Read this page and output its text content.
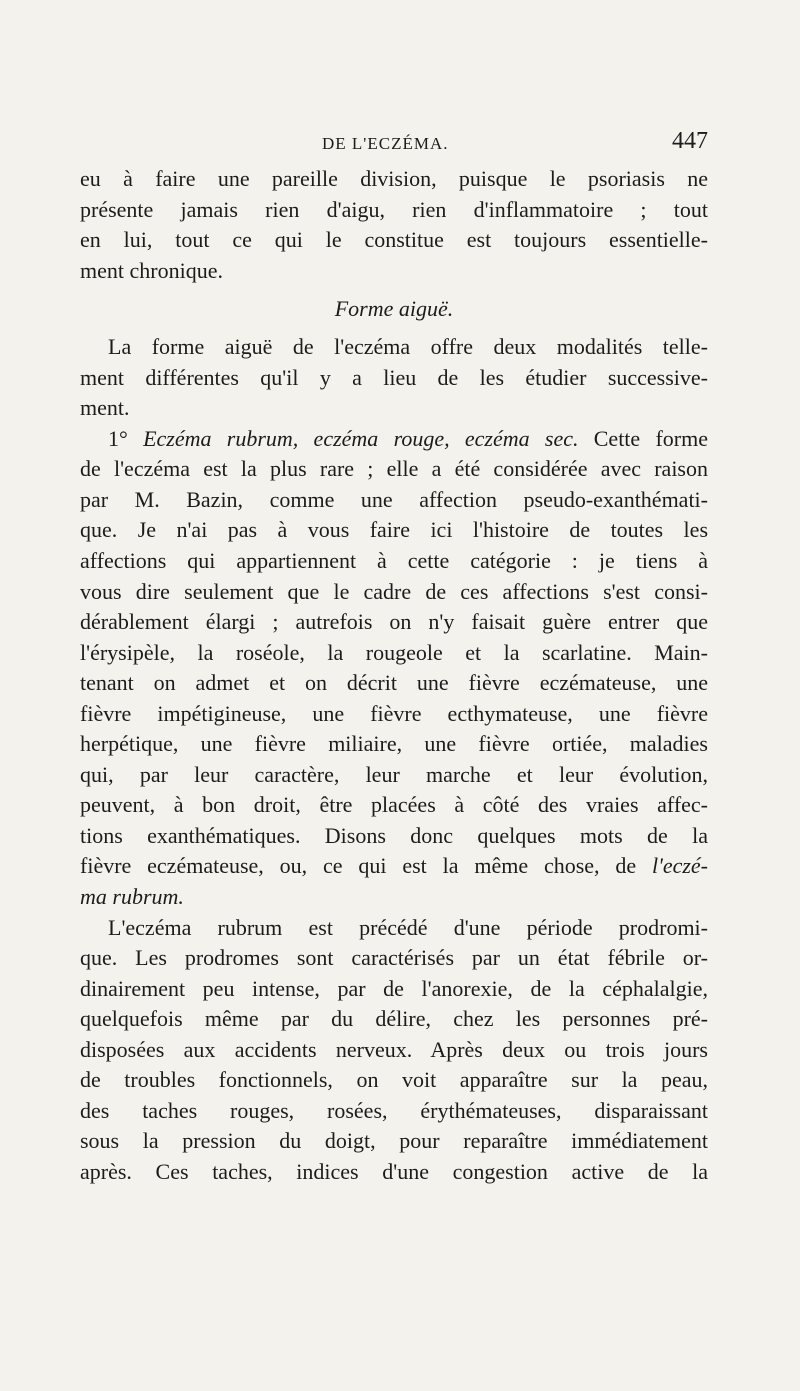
DE L'ECZÉMA.	447
eu à faire une pareille division, puisque le psoriasis ne
présente jamais rien d'aigu, rien d'inflammatoire ; tout
en lui, tout ce qui le constitue est toujours essentielle-
ment chronique.
Forme aiguë.
La forme aiguë de l'eczéma offre deux modalités telle-
ment différentes qu'il y a lieu de les étudier successive-
ment.
1° Eczéma rubrum, eczéma rouge, eczéma sec. Cette forme
de l'eczéma est la plus rare ; elle a été considérée avec raison
par M. Bazin, comme une affection pseudo-exanthémati-
que. Je n'ai pas à vous faire ici l'histoire de toutes les
affections qui appartiennent à cette catégorie : je tiens à
vous dire seulement que le cadre de ces affections s'est consi-
dérablement élargi ; autrefois on n'y faisait guère entrer que
l'érysipèle, la roséole, la rougeole et la scarlatine. Main-
tenant on admet et on décrit une fièvre eczémateuse, une
fièvre impétigineuse, une fièvre ecthymateuse, une fièvre
herpétique, une fièvre miliaire, une fièvre ortiée, maladies
qui, par leur caractère, leur marche et leur évolution,
peuvent, à bon droit, être placées à côté des vraies affec-
tions exanthématiques. Disons donc quelques mots de la
fièvre eczémateuse, ou, ce qui est la même chose, de l'eczé-
ma rubrum.
L'eczéma rubrum est précédé d'une période prodromi-
que. Les prodromes sont caractérisés par un état fébrile or-
dinairement peu intense, par de l'anorexie, de la céphalalgie,
quelquefois même par du délire, chez les personnes pré-
disposées aux accidents nerveux. Après deux ou trois jours
de troubles fonctionnels, on voit apparaître sur la peau,
des taches rouges, rosées, érythémateuses, disparaissant
sous la pression du doigt, pour reparaître immédiatement
après. Ces taches, indices d'une congestion active de la
